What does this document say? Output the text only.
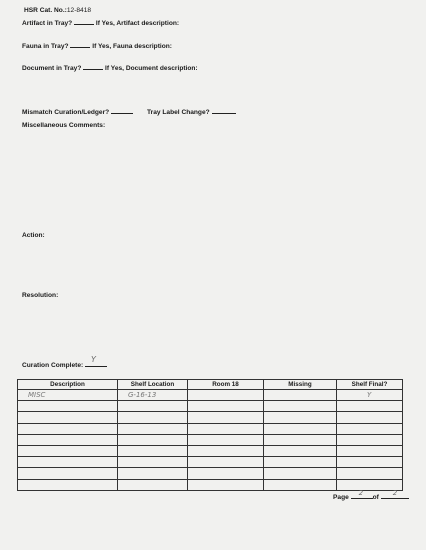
HSR Cat. No.:12-8418
Artifact in Tray?	If Yes, Artifact description:
Fauna in Tray?	If Yes, Fauna description:
Document in Tray?	If Yes, Document description:
Mismatch Curation/Ledger?	Tray Label Change?
Miscellaneous Comments:
Action:
Resolution:
Curation Complete:
Y
Description	Shelf Location	Room 18	Missing	Shelf Final?
MISC	G-16-13			Y

Page
2
of
2
